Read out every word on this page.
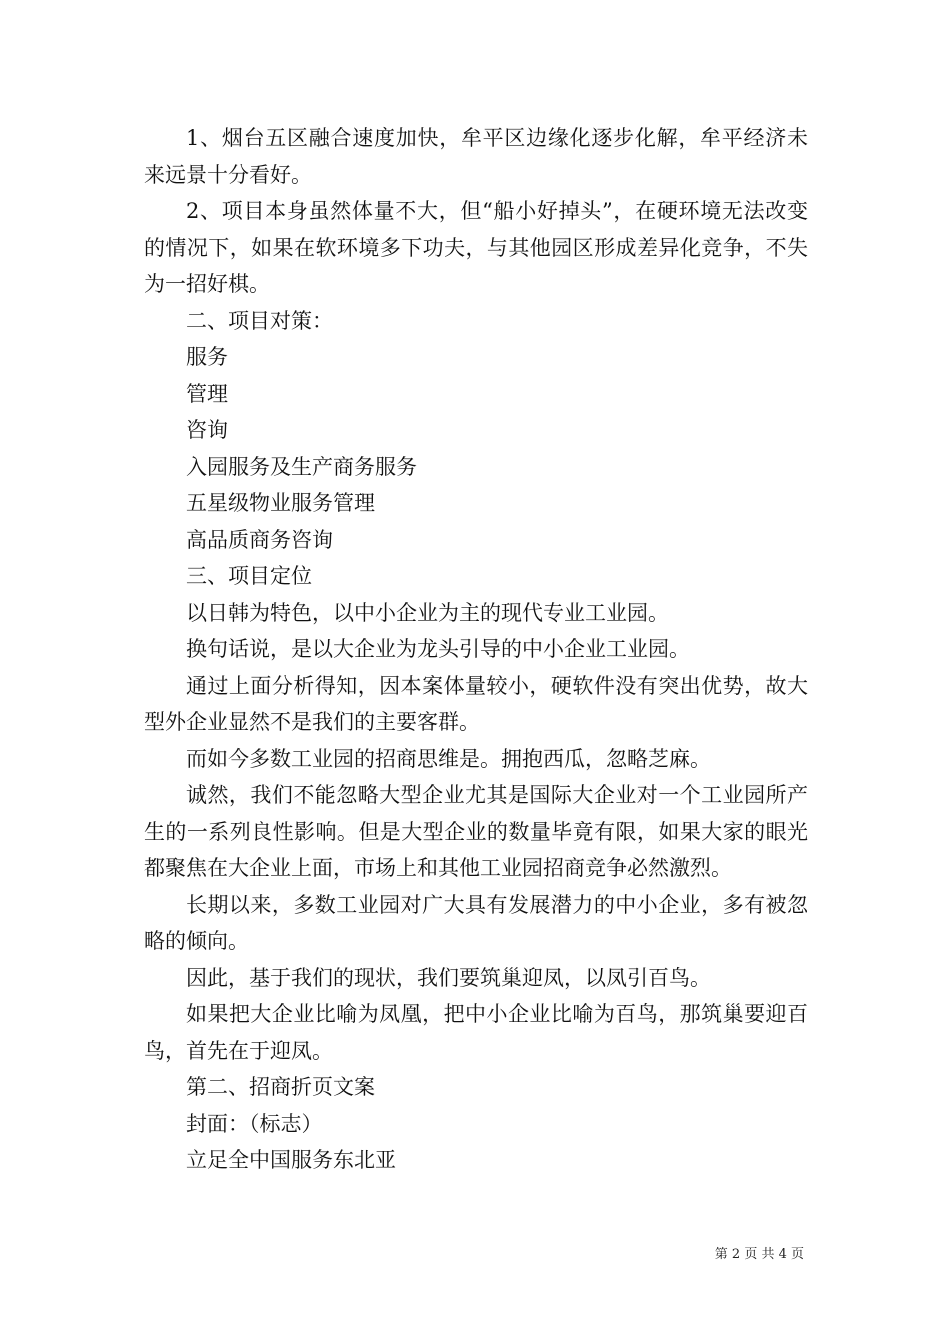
1、烟台五区融合速度加快，牟平区边缘化逐步化解，牟平经济未来远景十分看好。

2、项目本身虽然体量不大，但“船小好掉头”，在硬环境无法改变的情况下，如果在软环境多下功夫，与其他园区形成差异化竞争，不失为一招好棋。

二、项目对策：

服务

管理

咨询

入园服务及生产商务服务

五星级物业服务管理

高品质商务咨询

三、项目定位

以日韩为特色，以中小企业为主的现代专业工业园。

换句话说，是以大企业为龙头引导的中小企业工业园。

通过上面分析得知，因本案体量较小，硬软件没有突出优势，故大型外企业显然不是我们的主要客群。

而如今多数工业园的招商思维是。拥抱西瓜，忽略芝麻。

诚然，我们不能忽略大型企业尤其是国际大企业对一个工业园所产生的一系列良性影响。但是大型企业的数量毕竟有限，如果大家的眼光都聚焦在大企业上面，市场上和其他工业园招商竞争必然激烈。

长期以来，多数工业园对广大具有发展潜力的中小企业，多有被忽略的倾向。

因此，基于我们的现状，我们要筑巢迎凤，以凤引百鸟。

如果把大企业比喻为凤凰，把中小企业比喻为百鸟，那筑巢要迎百鸟，首先在于迎凤。

第二、招商折页文案

封面：（标志）

立足全中国服务东北亚

第 2 页 共 4 页
